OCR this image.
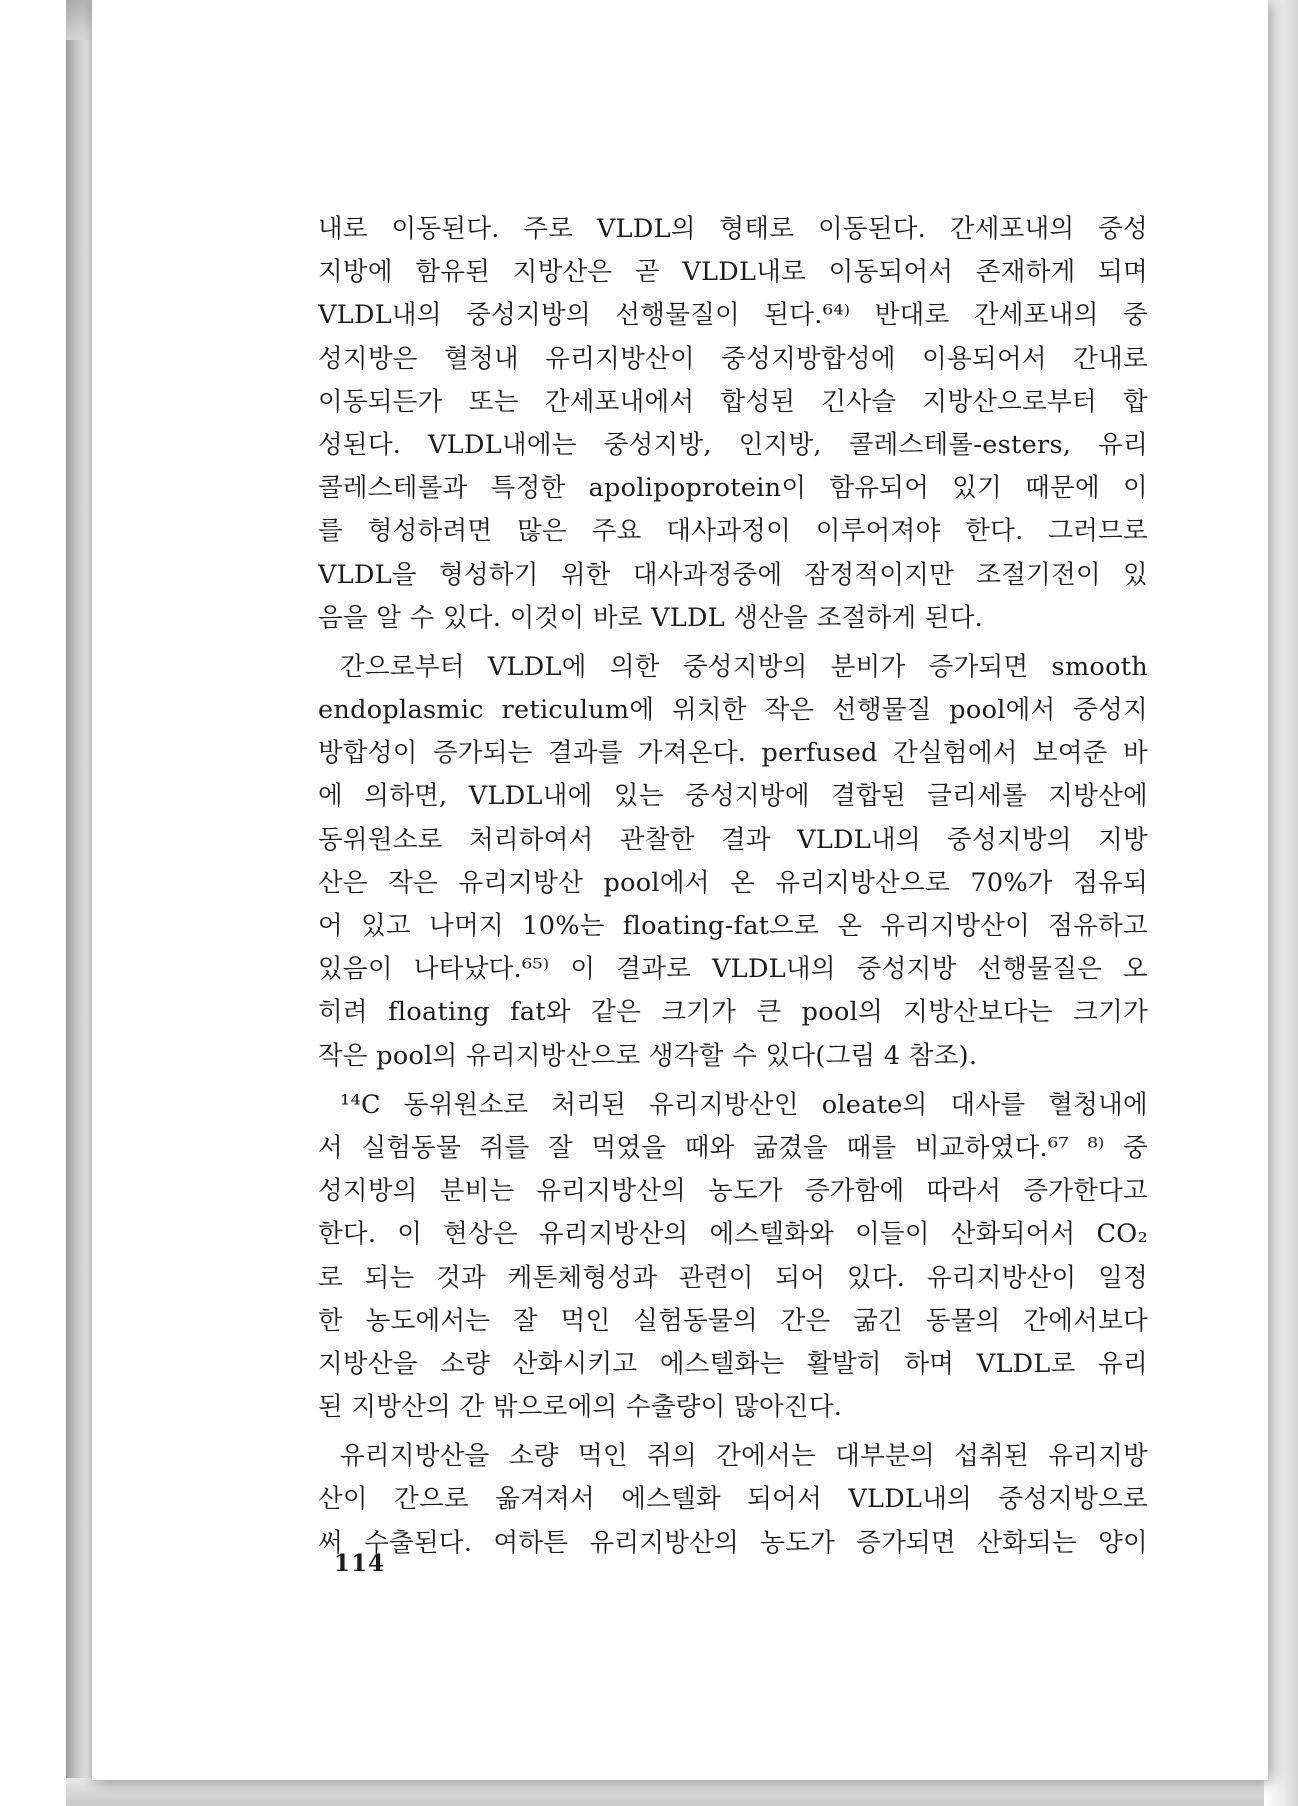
내로 이동된다. 주로 VLDL의 형태로 이동된다. 간세포내의 중성
지방에 함유된 지방산은 곧 VLDL내로 이동되어서 존재하게 되며
VLDL내의 중성지방의 선행물질이 된다.⁶⁴⁾ 반대로 간세포내의 중
성지방은 혈청내 유리지방산이 중성지방합성에 이용되어서 간내로
이동되든가 또는 간세포내에서 합성된 긴사슬 지방산으로부터 합
성된다. VLDL내에는 중성지방, 인지방, 콜레스테롤-esters, 유리
콜레스테롤과 특정한 apolipoprotein이 함유되어 있기 때문에 이
를 형성하려면 많은 주요 대사과정이 이루어져야 한다. 그러므로
VLDL을 형성하기 위한 대사과정중에 잠정적이지만 조절기전이 있
음을 알 수 있다. 이것이 바로 VLDL 생산을 조절하게 된다.
간으로부터 VLDL에 의한 중성지방의 분비가 증가되면 smooth
endoplasmic reticulum에 위치한 작은 선행물질 pool에서 중성지
방합성이 증가되는 결과를 가져온다. perfused 간실험에서 보여준 바
에 의하면, VLDL내에 있는 중성지방에 결합된 글리세롤 지방산에
동위원소로 처리하여서 관찰한 결과 VLDL내의 중성지방의 지방
산은 작은 유리지방산 pool에서 온 유리지방산으로 70%가 점유되
어 있고 나머지 10%는 floating-fat으로 온 유리지방산이 점유하고
있음이 나타났다.⁶⁵⁾ 이 결과로 VLDL내의 중성지방 선행물질은 오
히려 floating fat와 같은 크기가 큰 pool의 지방산보다는 크기가
작은 pool의 유리지방산으로 생각할 수 있다(그림 4 참조).
¹⁴C 동위원소로 처리된 유리지방산인 oleate의 대사를 혈청내에
서 실험동물 쥐를 잘 먹였을 때와 굶겼을 때를 비교하였다.⁶⁷ ⁸⁾ 중
성지방의 분비는 유리지방산의 농도가 증가함에 따라서 증가한다고
한다. 이 현상은 유리지방산의 에스텔화와 이들이 산화되어서 CO₂
로 되는 것과 케톤체형성과 관련이 되어 있다. 유리지방산이 일정
한 농도에서는 잘 먹인 실험동물의 간은 굶긴 동물의 간에서보다
지방산을 소량 산화시키고 에스텔화는 활발히 하며 VLDL로 유리
된 지방산의 간 밖으로에의 수출량이 많아진다.
유리지방산을 소량 먹인 쥐의 간에서는 대부분의 섭취된 유리지방
산이 간으로 옮겨져서 에스텔화 되어서 VLDL내의 중성지방으로
써 수출된다. 여하튼 유리지방산의 농도가 증가되면 산화되는 양이
114
